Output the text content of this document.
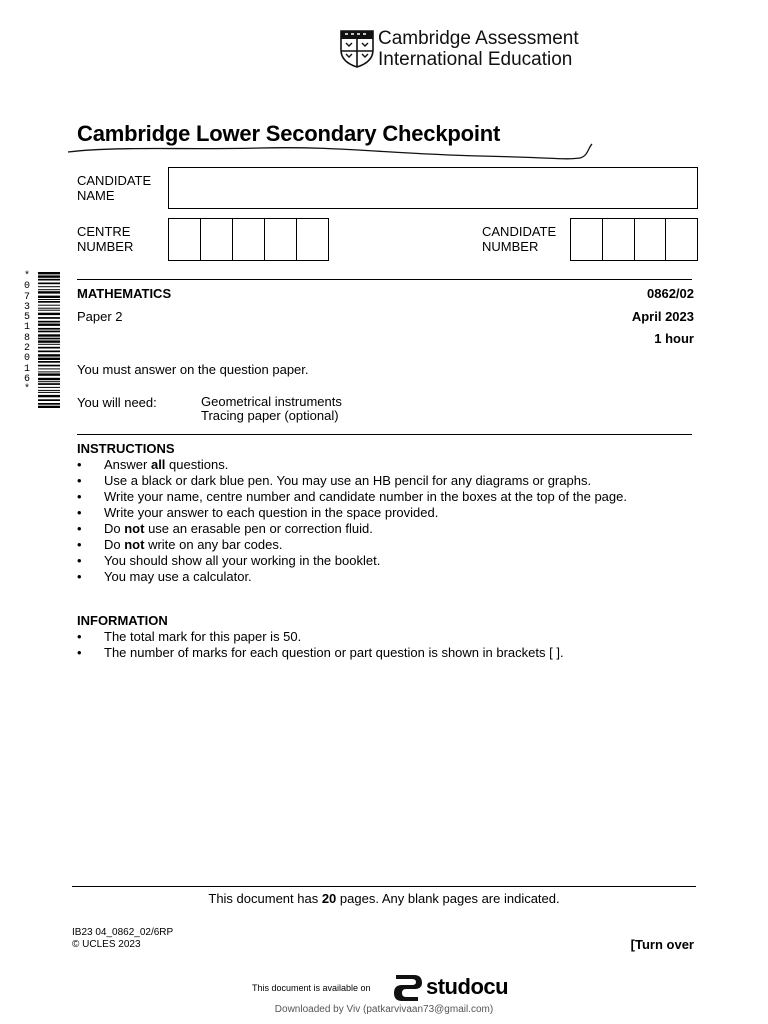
Cambridge Assessment
International Education
Cambridge Lower Secondary Checkpoint
CANDIDATE
NAME
CENTRE
NUMBER
CANDIDATE
NUMBER
*
0
7
3
5
1
8
2
0
1
6
*
MATHEMATICS	0862/02
Paper 2	April 2023
1 hour
You must answer on the question paper.
You will need:	Geometrical instruments
Tracing paper (optional)
INSTRUCTIONS
• Answer all questions.
• Use a black or dark blue pen. You may use an HB pencil for any diagrams or graphs.
• Write your name, centre number and candidate number in the boxes at the top of the page.
• Write your answer to each question in the space provided.
• Do not use an erasable pen or correction fluid.
• Do not write on any bar codes.
• You should show all your working in the booklet.
• You may use a calculator.
INFORMATION
• The total mark for this paper is 50.
• The number of marks for each question or part question is shown in brackets [ ].
This document has 20 pages. Any blank pages are indicated.
IB23 04_0862_02/6RP
© UCLES 2023	[Turn over
This document is available on	studocu
Downloaded by Viv (patkarvivaan73@gmail.com)
